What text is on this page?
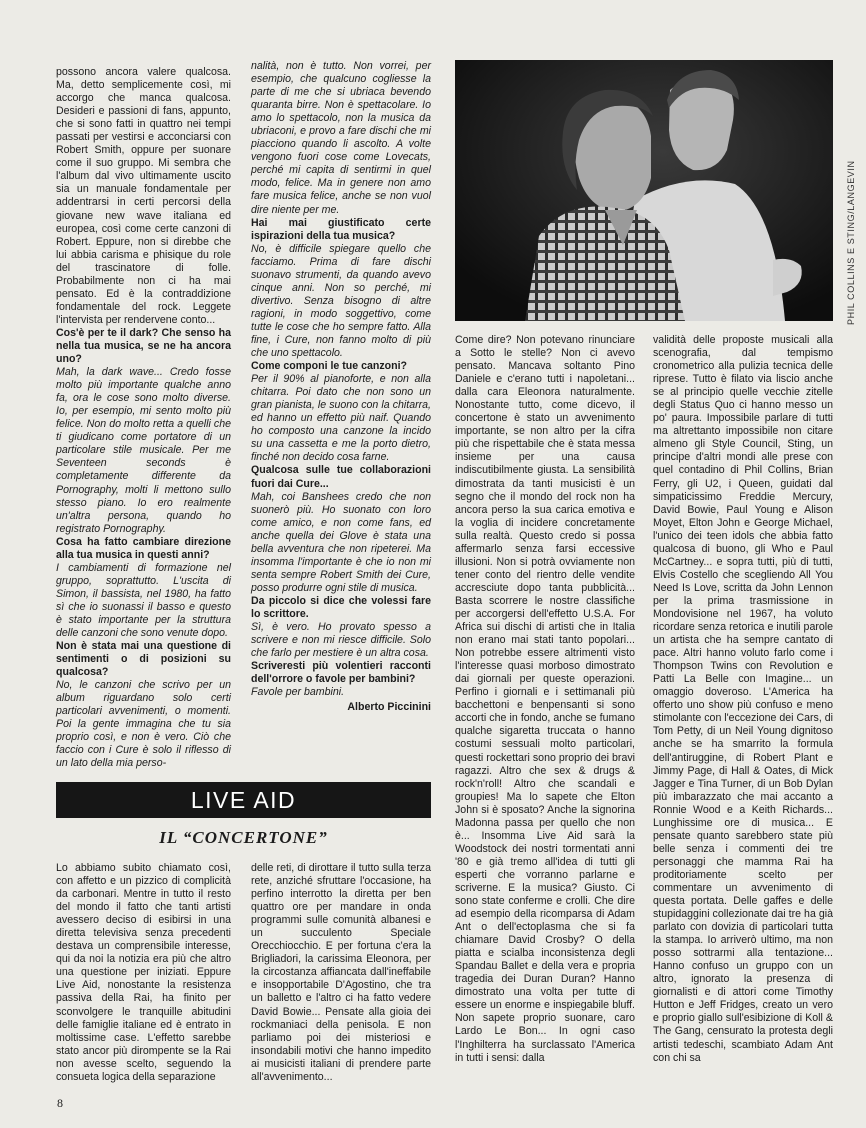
possono ancora valere qualcosa. Ma, detto semplicemente così, mi accorgo che manca qualcosa. Desideri e passioni di fans, appunto, che si sono fatti in quattro nei tempi passati per vestirsi e acconciarsi con Robert Smith, oppure per suonare come il suo gruppo. Mi sembra che l'album dal vivo ultimamente uscito sia un manuale fondamentale per addentrarsi in certi percorsi della giovane new wave italiana ed europea, così come certe canzoni di Robert. Eppure, non si direbbe che lui abbia carisma e phisique du role del trascinatore di folle. Probabilmente non ci ha mai pensato. Ed è la contraddizione fondamentale del rock. Leggete l'intervista per rendervene conto...

Cos'è per te il dark? Che senso ha nella tua musica, se ne ha ancora uno?

Mah, la dark wave... Credo fosse molto più importante qualche anno fa, ora le cose sono molto diverse. Io, per esempio, mi sento molto più felice. Non do molto retta a quelli che ti giudicano come portatore di un particolare stile musicale. Per me Seventeen seconds è completamente differente da Pornography, molti li mettono sullo stesso piano. Io ero realmente un'altra persona, quando ho registrato Pornography.

Cosa ha fatto cambiare direzione alla tua musica in questi anni?

I cambiamenti di formazione nel gruppo, soprattutto. L'uscita di Simon, il bassista, nel 1980, ha fatto sì che io suonassi il basso e questo è stato importante per la struttura delle canzoni che sono venute dopo.

Non è stata mai una questione di sentimenti o di posizioni su qualcosa?

No, le canzoni che scrivo per un album riguardano solo certi particolari avvenimenti, o momenti. Poi la gente immagina che tu sia proprio così, e non è vero. Ciò che faccio con i Cure è solo il riflesso di un lato della mia perso-

nalità, non è tutto. Non vorrei, per esempio, che qualcuno cogliesse la parte di me che si ubriaca bevendo quaranta birre. Non è spettacolare. Io amo lo spettacolo, non la musica da ubriaconi, e provo a fare dischi che mi piacciono quando li ascolto. A volte vengono fuori cose come Lovecats, perché mi capita di sentirmi in quel modo, felice. Ma in genere non amo fare musica felice, anche se non vuol dire niente per me.

Hai mai giustificato certe ispirazioni della tua musica?

No, è difficile spiegare quello che facciamo. Prima di fare dischi suonavo strumenti, da quando avevo cinque anni. Non so perché, mi divertivo. Senza bisogno di altre ragioni, in modo soggettivo, come tutte le cose che ho sempre fatto. Alla fine, i Cure, non fanno molto di più che uno spettacolo.

Come componi le tue canzoni?

Per il 90% al pianoforte, e non alla chitarra. Poi dato che non sono un gran pianista, le suono con la chitarra, ed hanno un effetto più naif. Quando ho composto una canzone la incido su una cassetta e me la porto dietro, finché non decido cosa farne.

Qualcosa sulle tue collaborazioni fuori dai Cure...

Mah, coi Banshees credo che non suonerò più. Ho suonato con loro come amico, e non come fans, ed anche quella dei Glove è stata una bella avventura che non ripeterei. Ma insomma l'importante è che io non mi senta sempre Robert Smith dei Cure, posso produrre ogni stile di musica.

Da piccolo si dice che volessi fare lo scrittore.

Sì, è vero. Ho provato spesso a scrivere e non mi riesce difficile. Solo che farlo per mestiere è un altra cosa.

Scriveresti più volentieri racconti dell'orrore o favole per bambini?

Favole per bambini.

Alberto Piccinini

PHIL COLLINS E STING/LANGEVIN
LIVE AID
IL “CONCERTONE”

Lo abbiamo subito chiamato così, con affetto e un pizzico di complicità da carbonari. Mentre in tutto il resto del mondo il fatto che tanti artisti avessero deciso di esibirsi in una diretta televisiva senza precedenti destava un comprensibile interesse, qui da noi la notizia era più che altro una questione per iniziati. Eppure Live Aid, nonostante la resistenza passiva della Rai, ha finito per sconvolgere le tranquille abitudini delle famiglie italiane ed è entrato in moltissime case. L'effetto sarebbe stato ancor più dirompente se la Rai non avesse scelto, seguendo la consueta logica della separazione

delle reti, di dirottare il tutto sulla terza rete, anziché sfruttare l'occasione, ha perfino interrotto la diretta per ben quattro ore per mandare in onda programmi sulle comunità albanesi e un succulento Speciale Orecchiocchio. E per fortuna c'era la Brigliadori, la carissima Eleonora, per la circostanza affiancata dall'ineffabile e insopportabile D'Agostino, che tra un balletto e l'altro ci ha fatto vedere David Bowie... Pensate alla gioia dei rockmaniaci della penisola. E non parliamo poi dei misteriosi e insondabili motivi che hanno impedito ai musicisti italiani di prendere parte all'avvenimento...

Come dire? Non potevano rinunciare a Sotto le stelle? Non ci avevo pensato. Mancava soltanto Pino Daniele e c'erano tutti i napoletani... dalla cara Eleonora naturalmente. Nonostante tutto, come dicevo, il concertone è stato un avvenimento importante, se non altro per la cifra più che rispettabile che è stata messa insieme per una causa indiscutibilmente giusta. La sensibilità dimostrata da tanti musicisti è un segno che il mondo del rock non ha ancora perso la sua carica emotiva e la voglia di incidere concretamente sulla realtà. Questo credo si possa affermarlo senza farsi eccessive illusioni. Non si potrà ovviamente non tener conto del rientro delle vendite accresciute dopo tanta pubblicità... Basta scorrere le nostre classifiche per accorgersi dell'effetto U.S.A. For Africa sui dischi di artisti che in Italia non erano mai stati tanto popolari... Non potrebbe essere altrimenti visto l'interesse quasi morboso dimostrato dai giornali per queste operazioni. Perfino i giornali e i settimanali più bacchettoni e benpensanti si sono accorti che in fondo, anche se fumano qualche sigaretta truccata o hanno costumi sessuali molto particolari, questi rockettari sono proprio dei bravi ragazzi. Altro che sex & drugs & rock'n'roll! Altro che scandali e groupies! Ma lo sapete che Elton John si è sposato? Anche la signorina Madonna passa per quello che non è... Insomma Live Aid sarà la Woodstock dei nostri tormentati anni '80 e già tremo all'idea di tutti gli esperti che vorranno parlarne e scriverne. E la musica? Giusto. Ci sono state conferme e crolli. Che dire ad esempio della ricomparsa di Adam Ant o dell'ectoplasma che si fa chiamare David Crosby? O della piatta e scialba inconsistenza degli Spandau Ballet e della vera e propria tragedia dei Duran Duran? Hanno dimostrato una volta per tutte di essere un enorme e inspiegabile bluff. Non sapete proprio suonare, caro Lardo Le Bon... In ogni caso l'Inghilterra ha surclassato l'America in tutti i sensi: dalla

validità delle proposte musicali alla scenografia, dal tempismo cronometrico alla pulizia tecnica delle riprese. Tutto è filato via liscio anche se al principio quelle vecchie zitelle degli Status Quo ci hanno messo un po' paura. Impossibile parlare di tutti ma altrettanto impossibile non citare almeno gli Style Council, Sting, un principe d'altri mondi alle prese con quel contadino di Phil Collins, Brian Ferry, gli U2, i Queen, guidati dal simpaticissimo Freddie Mercury, David Bowie, Paul Young e Alison Moyet, Elton John e George Michael, l'unico dei teen idols che abbia fatto qualcosa di buono, gli Who e Paul McCartney... e sopra tutti, più di tutti, Elvis Costello che scegliendo All You Need Is Love, scritta da John Lennon per la prima trasmissione in Mondovisione nel 1967, ha voluto ricordare senza retorica e inutili parole un artista che ha sempre cantato di pace. Altri hanno voluto farlo come i Thompson Twins con Revolution e Patti La Belle con Imagine... un omaggio doveroso. L'America ha offerto uno show più confuso e meno stimolante con l'eccezione dei Cars, di Tom Petty, di un Neil Young dignitoso anche se ha smarrito la formula dell'antiruggine, di Robert Plant e Jimmy Page, di Hall & Oates, di Mick Jagger e Tina Turner, di un Bob Dylan più imbarazzato che mai accanto a Ronnie Wood e a Keith Richards... Lunghissime ore di musica... E pensate quanto sarebbero state più belle senza i commenti dei tre personaggi che mamma Rai ha proditoriamente scelto per commentare un avvenimento di questa portata. Delle gaffes e delle stupidaggini collezionate dai tre ha già parlato con dovizia di particolari tutta la stampa. Io arriverò ultimo, ma non posso sottrarmi alla tentazione... Hanno confuso un gruppo con un altro, ignorato la presenza di giornalisti e di attori come Timothy Hutton e Jeff Fridges, creato un vero e proprio giallo sull'esibizione di Koll & The Gang, censurato la protesta degli artisti tedeschi, scambiato Adam Ant con chi sa

8
